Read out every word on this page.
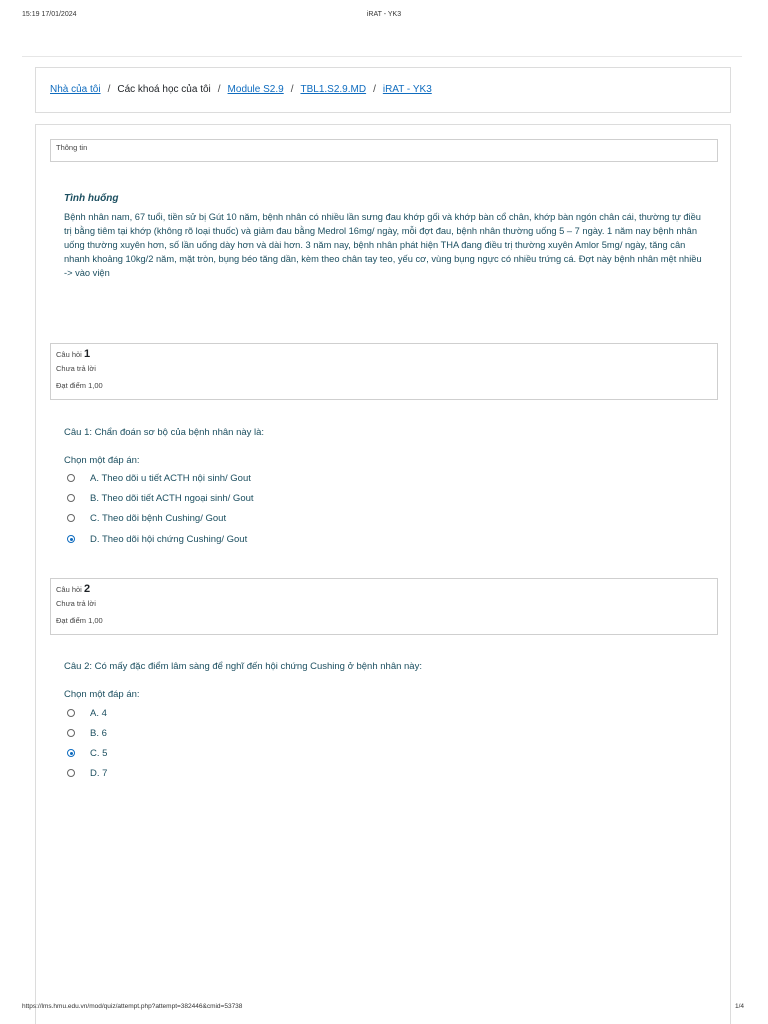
15:19 17/01/2024	iRAT - YK3
Nhà của tôi / Các khoá học của tôi / Module S2.9 / TBL1.S2.9.MD / iRAT - YK3
Thông tin
Tình huống
Bệnh nhân nam, 67 tuổi, tiền sử bị Gút 10 năm, bệnh nhân có nhiều lần sưng đau khớp gối và khớp bàn cổ chân, khớp bàn ngón chân cái, thường tự điều trị bằng tiêm tại khớp (không rõ loại thuốc) và giảm đau bằng Medrol 16mg/ ngày, mỗi đợt đau, bệnh nhân thường uống 5 – 7 ngày. 1 năm nay bệnh nhân uống thường xuyên hơn, số lần uống dày hơn và dài hơn. 3 năm nay, bệnh nhân phát hiện THA đang điều trị thường xuyên Amlor 5mg/ ngày, tăng cân nhanh khoảng 10kg/2 năm, mặt tròn, bụng béo tăng dần, kèm theo chân tay teo, yếu cơ, vùng bụng ngực có nhiều trứng cá. Đợt này bệnh nhân mệt nhiều -> vào viện
Câu hỏi 1
Chưa trả lời
Đạt điểm 1,00
Câu 1: Chẩn đoán sơ bộ của bệnh nhân này là:
Chọn một đáp án:
A. Theo dõi u tiết ACTH nội sinh/ Gout
B. Theo dõi tiết ACTH ngoại sinh/ Gout
C. Theo dõi bệnh Cushing/ Gout
D. Theo dõi hội chứng Cushing/ Gout
Câu hỏi 2
Chưa trả lời
Đạt điểm 1,00
Câu 2: Có mấy đặc điểm lâm sàng để nghĩ đến hội chứng Cushing ở bệnh nhân này:
Chọn một đáp án:
A. 4
B. 6
C. 5
D. 7
https://lms.hmu.edu.vn/mod/quiz/attempt.php?attempt=382446&cmid=53738	1/4
